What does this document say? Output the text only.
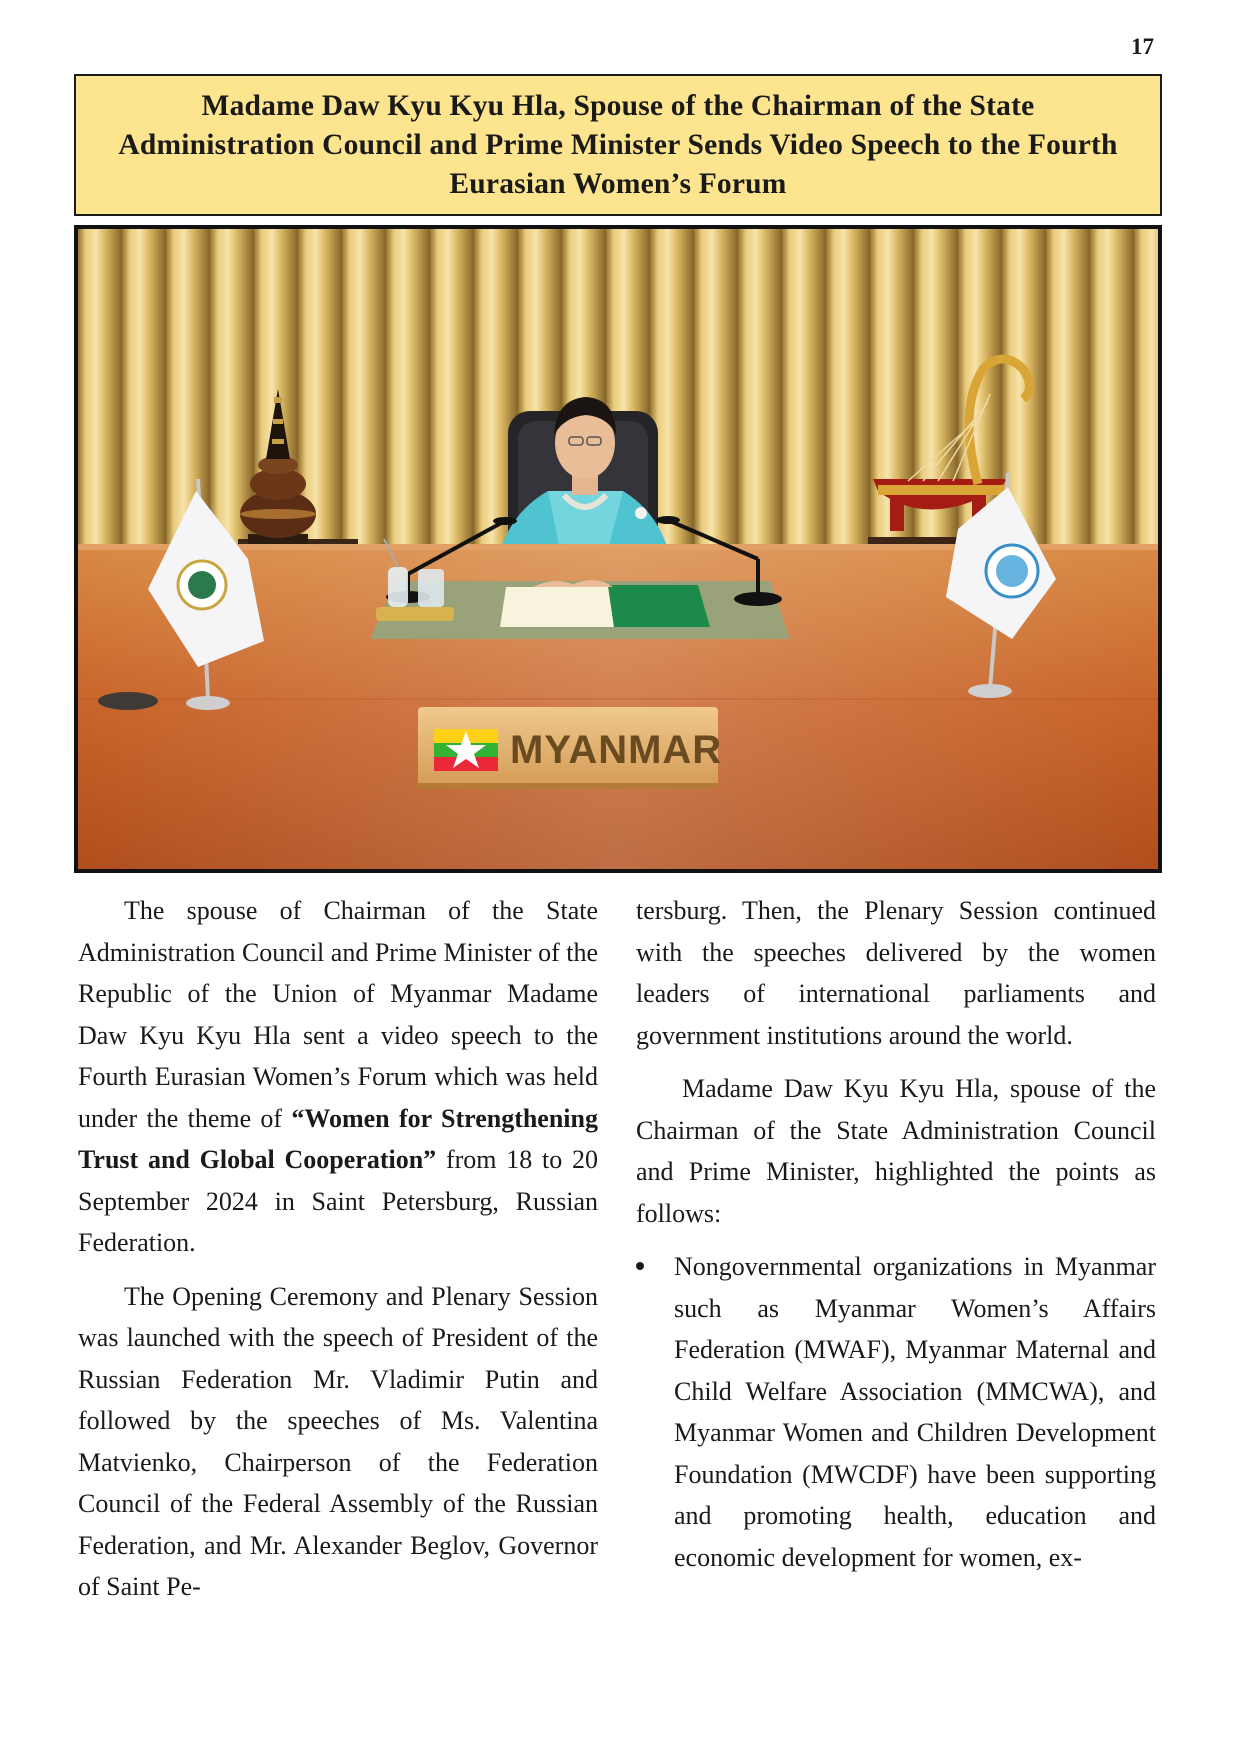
17
Madame Daw Kyu Kyu Hla, Spouse of the Chairman of the State
Administration Council and Prime Minister Sends Video Speech to the Fourth
Eurasian Women’s Forum
MYANMAR

The spouse of Chairman of the State Administration Council and Prime Minister of the Republic of the Union of Myanmar Madame Daw Kyu Kyu Hla sent a video speech to the Fourth Eurasian Women’s Forum which was held under the theme of “Women for Strengthening Trust and Global Cooperation” from 18 to 20 September 2024 in Saint Petersburg, Russian Federation.

The Opening Ceremony and Plenary Session was launched with the speech of President of the Russian Federation Mr. Vladimir Putin and followed by the speeches of Ms. Valentina Matvienko, Chairperson of the Federation Council of the Federal Assembly of the Russian Federation, and Mr. Alexander Beglov, Governor of Saint Pe-

tersburg. Then, the Plenary Session continued with the speeches delivered by the women leaders of international parliaments and government institutions around the world.

Madame Daw Kyu Kyu Hla, spouse of the Chairman of the State Administration Council and Prime Minister, highlighted the points as follows:

Nongovernmental organizations in Myanmar such as Myanmar Women’s Affairs Federation (MWAF), Myanmar Maternal and Child Welfare Association (MMCWA), and Myanmar Women and Children Development Foundation (MWCDF) have been supporting and promoting health, education and economic development for women, ex-
